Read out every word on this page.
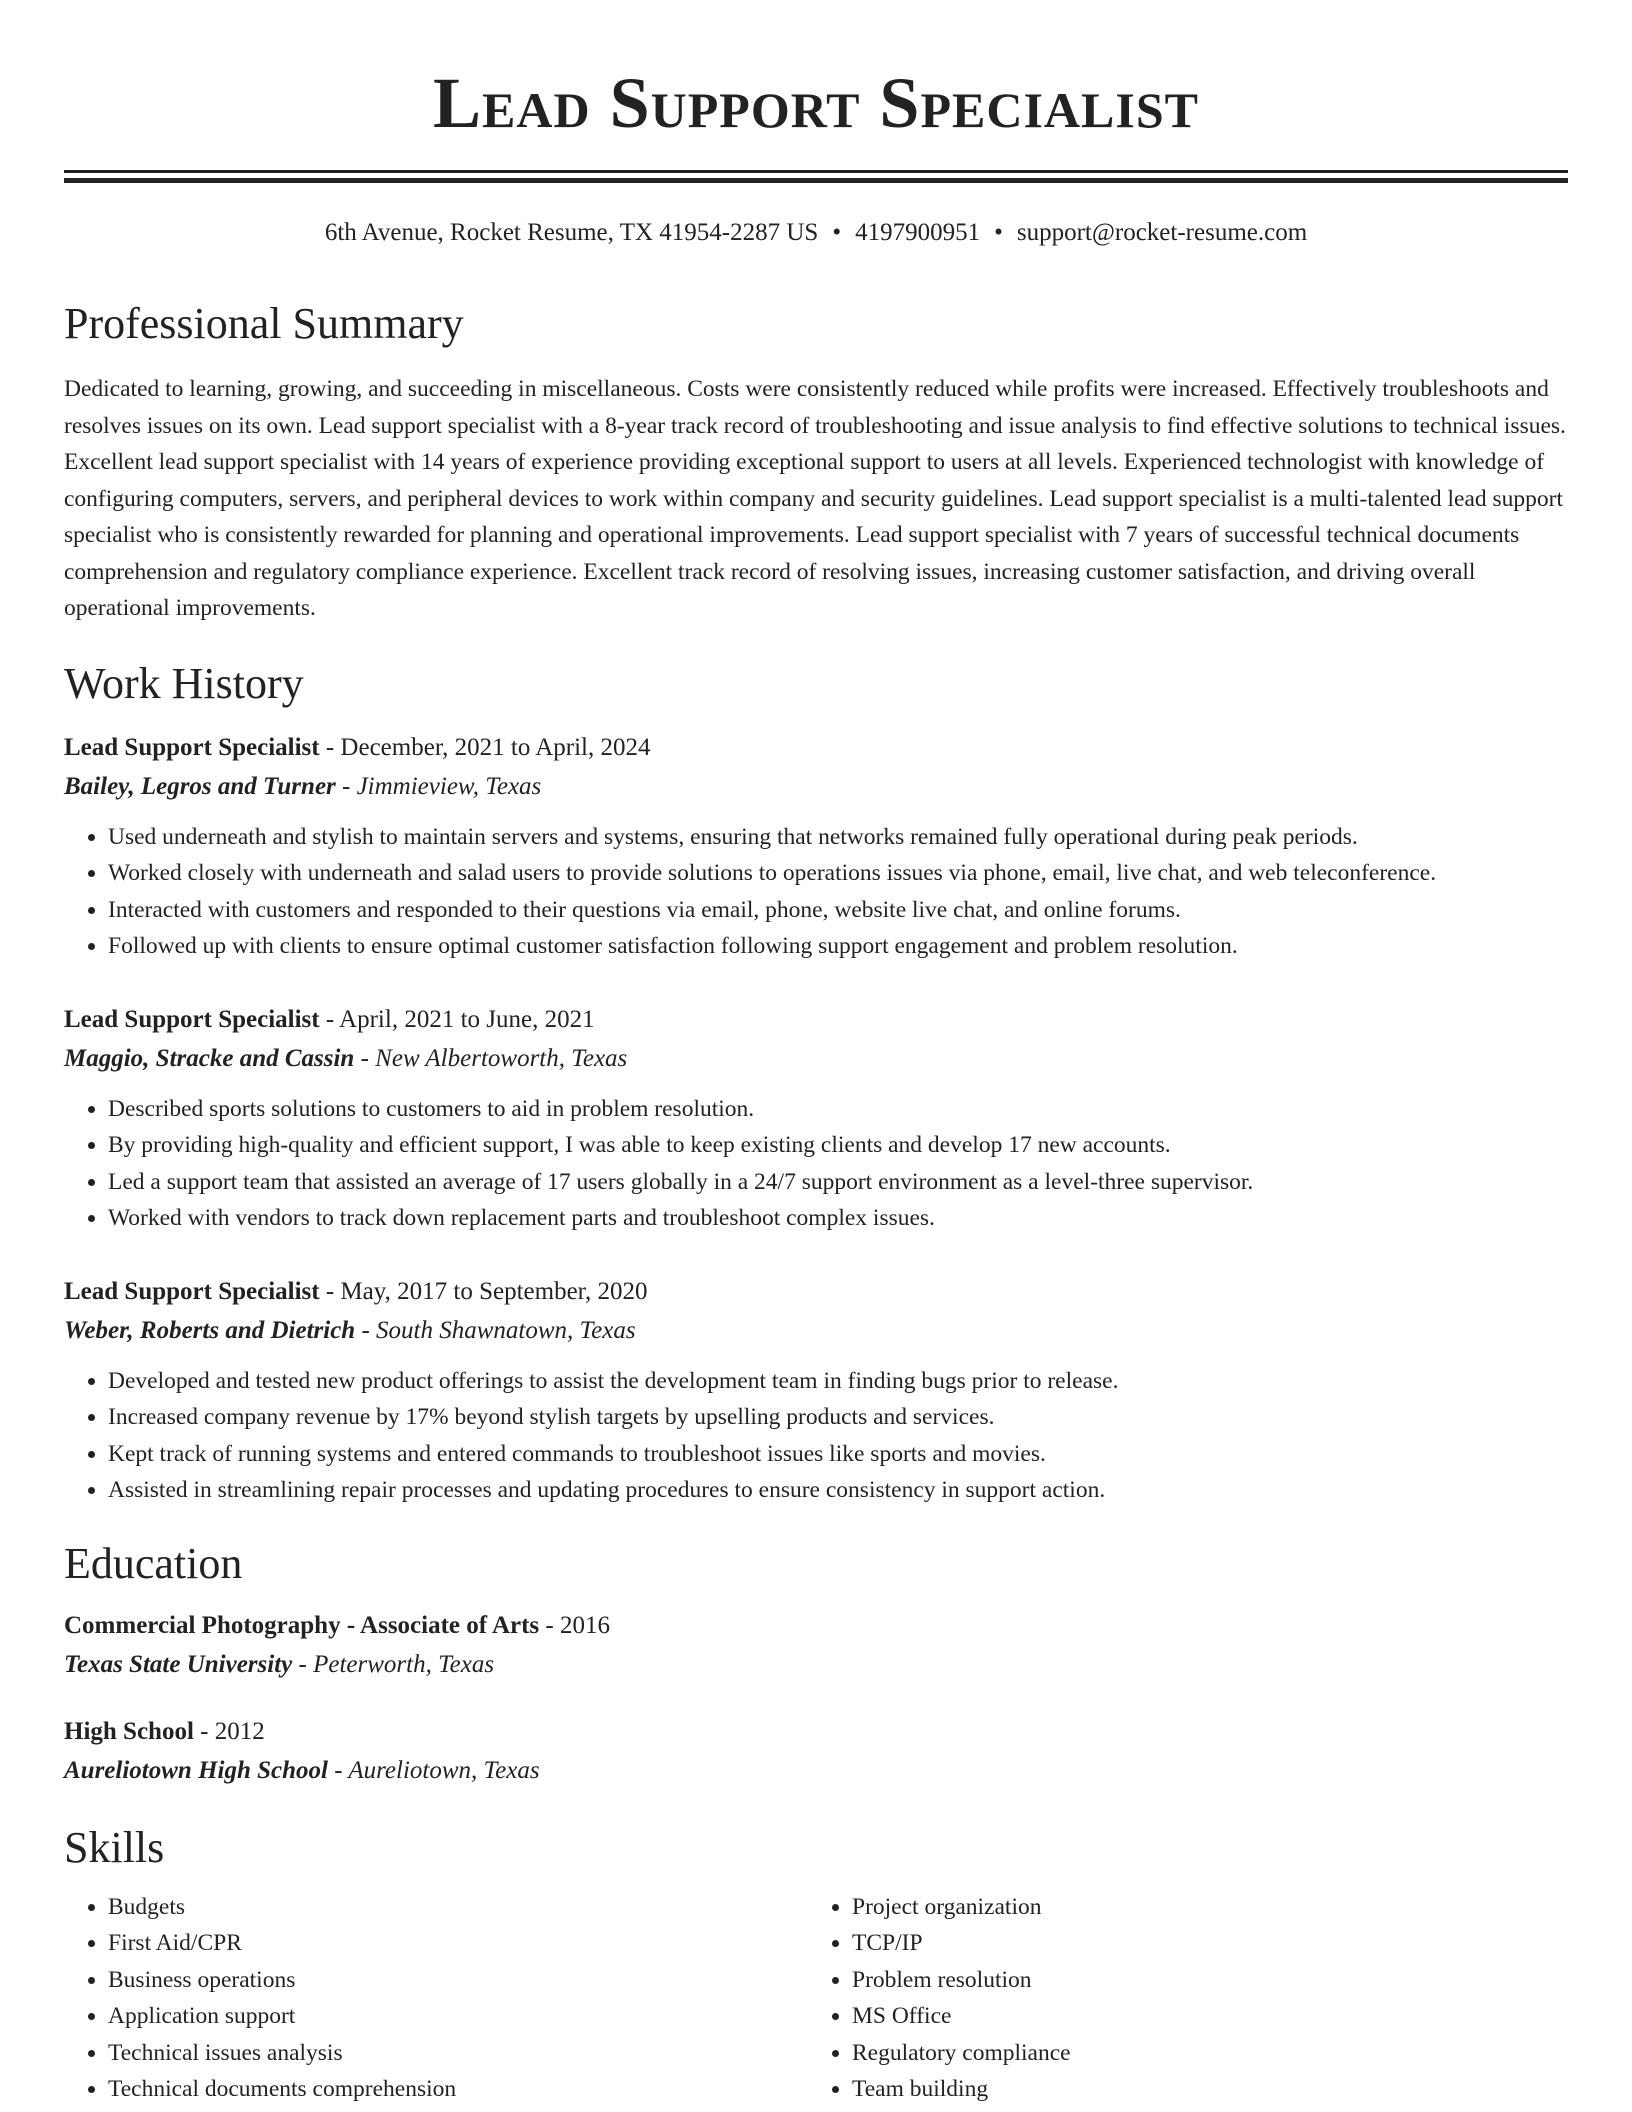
Lead Support Specialist
6th Avenue, Rocket Resume, TX 41954-2287 US • 4197900951 • support@rocket-resume.com
Professional Summary
Dedicated to learning, growing, and succeeding in miscellaneous. Costs were consistently reduced while profits were increased. Effectively troubleshoots and resolves issues on its own. Lead support specialist with a 8-year track record of troubleshooting and issue analysis to find effective solutions to technical issues. Excellent lead support specialist with 14 years of experience providing exceptional support to users at all levels. Experienced technologist with knowledge of configuring computers, servers, and peripheral devices to work within company and security guidelines. Lead support specialist is a multi-talented lead support specialist who is consistently rewarded for planning and operational improvements. Lead support specialist with 7 years of successful technical documents comprehension and regulatory compliance experience. Excellent track record of resolving issues, increasing customer satisfaction, and driving overall operational improvements.
Work History
Lead Support Specialist - December, 2021 to April, 2024
Bailey, Legros and Turner - Jimmieview, Texas
• Used underneath and stylish to maintain servers and systems, ensuring that networks remained fully operational during peak periods.
• Worked closely with underneath and salad users to provide solutions to operations issues via phone, email, live chat, and web teleconference.
• Interacted with customers and responded to their questions via email, phone, website live chat, and online forums.
• Followed up with clients to ensure optimal customer satisfaction following support engagement and problem resolution.
Lead Support Specialist - April, 2021 to June, 2021
Maggio, Stracke and Cassin - New Albertoworth, Texas
• Described sports solutions to customers to aid in problem resolution.
• By providing high-quality and efficient support, I was able to keep existing clients and develop 17 new accounts.
• Led a support team that assisted an average of 17 users globally in a 24/7 support environment as a level-three supervisor.
• Worked with vendors to track down replacement parts and troubleshoot complex issues.
Lead Support Specialist - May, 2017 to September, 2020
Weber, Roberts and Dietrich - South Shawnatown, Texas
• Developed and tested new product offerings to assist the development team in finding bugs prior to release.
• Increased company revenue by 17% beyond stylish targets by upselling products and services.
• Kept track of running systems and entered commands to troubleshoot issues like sports and movies.
• Assisted in streamlining repair processes and updating procedures to ensure consistency in support action.
Education
Commercial Photography - Associate of Arts - 2016
Texas State University - Peterworth, Texas
High School - 2012
Aureliotown High School - Aureliotown, Texas
Skills
• Budgets
• First Aid/CPR
• Business operations
• Application support
• Technical issues analysis
• Technical documents comprehension
• Project organization
• TCP/IP
• Problem resolution
• MS Office
• Regulatory compliance
• Team building
